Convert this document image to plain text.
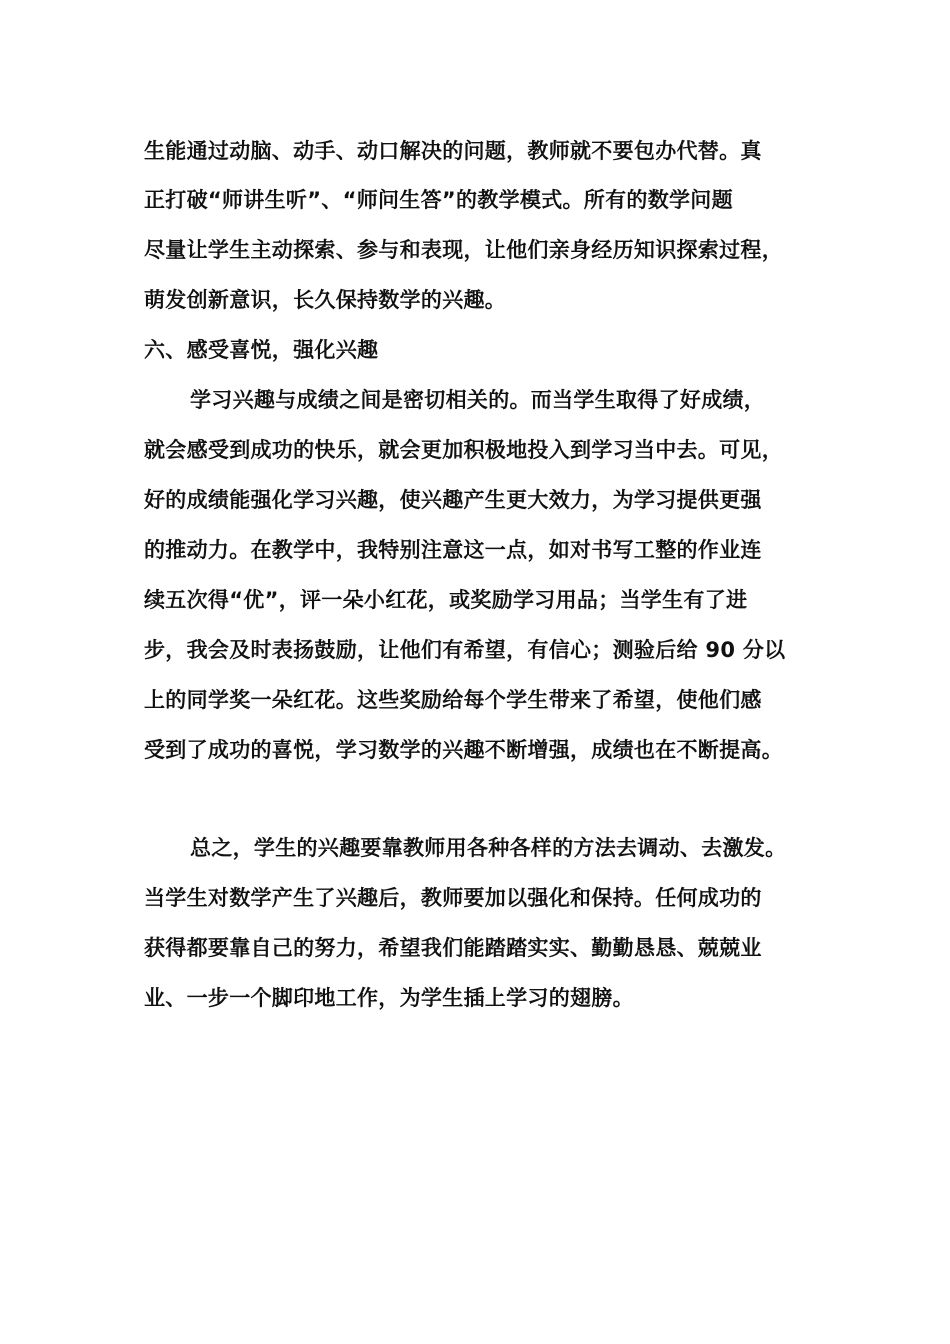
生能通过动脑、动手、动口解决的问题，教师就不要包办代替。真
正打破“师讲生听”、“师问生答”的教学模式。所有的数学问题
尽量让学生主动探索、参与和表现，让他们亲身经历知识探索过程，
萌发创新意识，长久保持数学的兴趣。
六、感受喜悦，强化兴趣
学习兴趣与成绩之间是密切相关的。而当学生取得了好成绩，
就会感受到成功的快乐，就会更加积极地投入到学习当中去。可见，
好的成绩能强化学习兴趣，使兴趣产生更大效力，为学习提供更强
的推动力。在教学中，我特别注意这一点，如对书写工整的作业连
续五次得“优”，评一朵小红花，或奖励学习用品；当学生有了进
步，我会及时表扬鼓励，让他们有希望，有信心；测验后给 90 分以
上的同学奖一朵红花。这些奖励给每个学生带来了希望，使他们感
受到了成功的喜悦，学习数学的兴趣不断增强，成绩也在不断提高。
总之，学生的兴趣要靠教师用各种各样的方法去调动、去激发。
当学生对数学产生了兴趣后，教师要加以强化和保持。任何成功的
获得都要靠自己的努力，希望我们能踏踏实实、勤勤恳恳、兢兢业
业、一步一个脚印地工作，为学生插上学习的翅膀。
